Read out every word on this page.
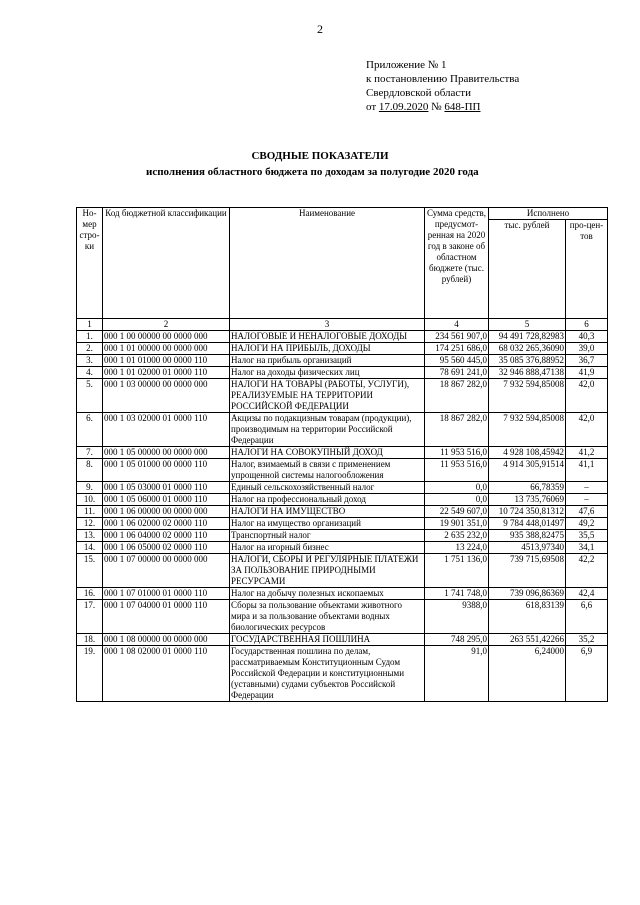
2
Приложение № 1
к постановлению Правительства
Свердловской области
от 17.09.2020 № 648-ПП
СВОДНЫЕ ПОКАЗАТЕЛИ
исполнения областного бюджета по доходам за полугодие 2020 года
Но-мер стро-ки	Код бюджетной классификации	Наименование	Сумма средств, предусмот-ренная на 2020 год в законе об областном бюджете (тыс. рублей)	Исполнено	
				тыс. рублей	про-цен-тов
1	2	3	4	5	6
1.	000 1 00 00000 00 0000 000	НАЛОГОВЫЕ И НЕНАЛОГОВЫЕ ДОХОДЫ	234 561 907,0	94 491 728,82983	40,3
2.	000 1 01 00000 00 0000 000	НАЛОГИ НА ПРИБЫЛЬ, ДОХОДЫ	174 251 686,0	68 032 265,36090	39,0
3.	000 1 01 01000 00 0000 110	Налог на прибыль организаций	95 560 445,0	35 085 376,88952	36,7
4.	000 1 01 02000 01 0000 110	Налог на доходы физических лиц	78 691 241,0	32 946 888,47138	41,9
5.	000 1 03 00000 00 0000 000	НАЛОГИ НА ТОВАРЫ (РАБОТЫ, УСЛУГИ), РЕАЛИЗУЕМЫЕ НА ТЕРРИТОРИИ РОССИЙСКОЙ ФЕДЕРАЦИИ	18 867 282,0	7 932 594,85008	42,0
6.	000 1 03 02000 01 0000 110	Акцизы по подакцизным товарам (продукции), производимым на территории Российской Федерации	18 867 282,0	7 932 594,85008	42,0
7.	000 1 05 00000 00 0000 000	НАЛОГИ НА СОВОКУПНЫЙ ДОХОД	11 953 516,0	4 928 108,45942	41,2
8.	000 1 05 01000 00 0000 110	Налог, взимаемый в связи с применением упрощенной системы налогообложения	11 953 516,0	4 914 305,91514	41,1
9.	000 1 05 03000 01 0000 110	Единый сельскохозяйственный налог	0,0	66,78359	–
10.	000 1 05 06000 01 0000 110	Налог на профессиональный доход	0,0	13 735,76069	–
11.	000 1 06 00000 00 0000 000	НАЛОГИ НА ИМУЩЕСТВО	22 549 607,0	10 724 350,81312	47,6
12.	000 1 06 02000 02 0000 110	Налог на имущество организаций	19 901 351,0	9 784 448,01497	49,2
13.	000 1 06 04000 02 0000 110	Транспортный налог	2 635 232,0	935 388,82475	35,5
14.	000 1 06 05000 02 0000 110	Налог на игорный бизнес	13 224,0	4513,97340	34,1
15.	000 1 07 00000 00 0000 000	НАЛОГИ, СБОРЫ И РЕГУЛЯРНЫЕ ПЛАТЕЖИ ЗА ПОЛЬЗОВАНИЕ ПРИРОДНЫМИ РЕСУРСАМИ	1 751 136,0	739 715,69508	42,2
16.	000 1 07 01000 01 0000 110	Налог на добычу полезных ископаемых	1 741 748,0	739 096,86369	42,4
17.	000 1 07 04000 01 0000 110	Сборы за пользование объектами животного мира и за пользование объектами водных биологических ресурсов	9388,0	618,83139	6,6
18.	000 1 08 00000 00 0000 000	ГОСУДАРСТВЕННАЯ ПОШЛИНА	748 295,0	263 551,42266	35,2
19.	000 1 08 02000 01 0000 110	Государственная пошлина по делам, рассматриваемым Конституционным Судом Российской Федерации и конституционными (уставными) судами субъектов Российской Федерации	91,0	6,24000	6,9
